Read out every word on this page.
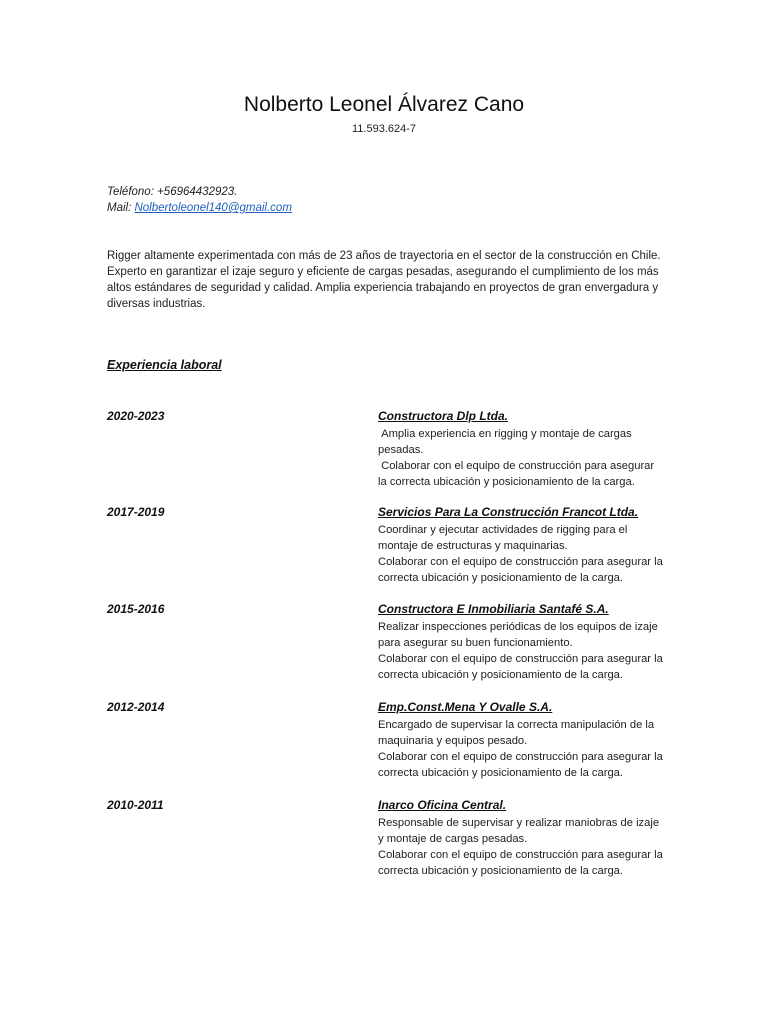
Nolberto Leonel Álvarez Cano
11.593.624-7
Teléfono: +56964432923.
Mail: Nolbertoleonel140@gmail.com
Rigger altamente experimentada con más de 23 años de trayectoria en el sector de la construcción en Chile. Experto en garantizar el izaje seguro y eficiente de cargas pesadas, asegurando el cumplimiento de los más altos estándares de seguridad y calidad. Amplia experiencia trabajando en proyectos de gran envergadura y diversas industrias.
Experiencia laboral
2020-2023	Constructora Dlp Ltda.
Amplia experiencia en rigging y montaje de cargas pesadas.
Colaborar con el equipo de construcción para asegurar la correcta ubicación y posicionamiento de la carga.
2017-2019	Servicios Para La Construcción Francot Ltda.
Coordinar y ejecutar actividades de rigging para el montaje de estructuras y maquinarias.
Colaborar con el equipo de construcción para asegurar la correcta ubicación y posicionamiento de la carga.
2015-2016	Constructora E Inmobiliaria Santafé S.A.
Realizar inspecciones periódicas de los equipos de izaje para asegurar su buen funcionamiento.
Colaborar con el equipo de construcción para asegurar la correcta ubicación y posicionamiento de la carga.
2012-2014	Emp.Const.Mena Y Ovalle S.A.
Encargado de supervisar la correcta manipulación de la maquinaria y equipos pesado.
Colaborar con el equipo de construcción para asegurar la correcta ubicación y posicionamiento de la carga.
2010-2011	Inarco Oficina Central.
Responsable de supervisar y realizar maniobras de izaje y montaje de cargas pesadas.
Colaborar con el equipo de construcción para asegurar la correcta ubicación y posicionamiento de la carga.
